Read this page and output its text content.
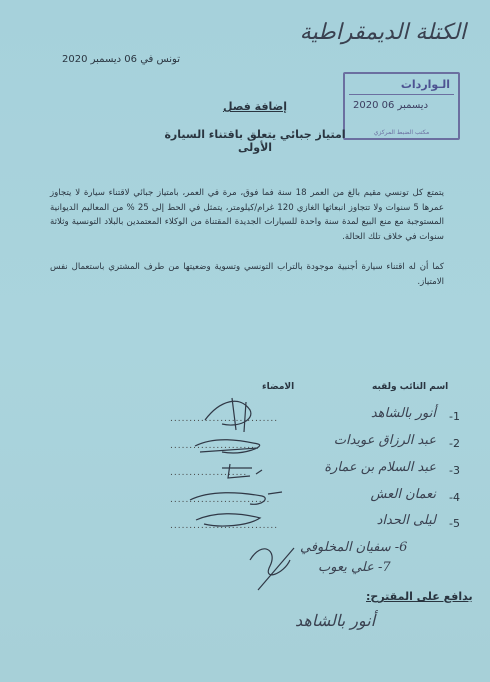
الكتلة الديمقراطية
تونس في 06 ديسمبر 2020
الـواردات
2020 ديسمبر 06
مكتب الضبط المركزي
إضافة فصل
امتياز جبائي يتعلق باقتناء السيارة الأولى
يتمتع كل تونسي مقيم بالغ من العمر 18 سنة فما فوق، مرة في العمر، بامتياز جبائي لاقتناء سيارة لا يتجاوز عمرها 5 سنوات ولا تتجاوز انبعاثها الغازي 120 غرام/كيلومتر، يتمثل في الحط إلى 25 % من المعاليم الديوانية المستوجبة مع منع البيع لمدة سنة واحدة للسيارات الجديدة المقتناة من الوكلاء المعتمدين بالبلاد التونسية وثلاثة سنوات في خلاف تلك الحالة.
كما أن له اقتناء سيارة أجنبية موجودة بالتراب التونسي وتسوية وضعيتها من طرف المشتري باستعمال نفس الامتياز.
اسم النائب ولقبه
الامضاء
1-
أنور بالشاهد
............................
2-
عبد الرزاق عويدات
......................
3-
عبد السلام بن عمارة
....................
4-
نعمان العش
..........................
5-
ليلى الحداد
............................
6- سفيان المخلوفي
7- علي يعوب
يدافع على المقترح:
أنور بالشاهد
